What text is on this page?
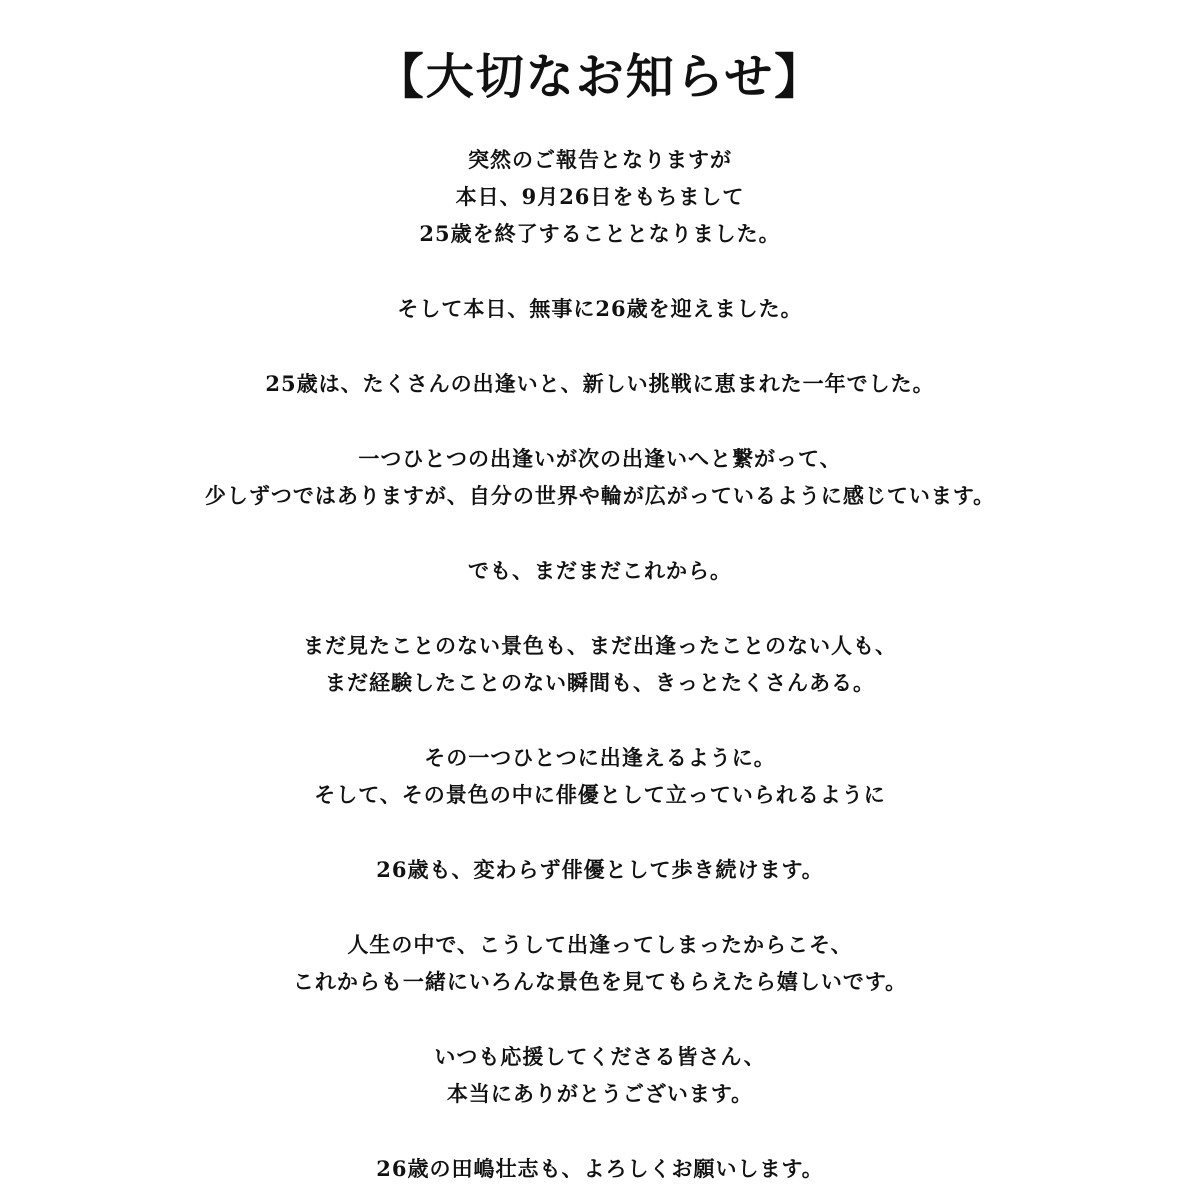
【大切なお知らせ】
突然のご報告となりますが
本日、9月26日をもちまして
25歳を終了することとなりました。
そして本日、無事に26歳を迎えました。
25歳は、たくさんの出逢いと、新しい挑戦に恵まれた一年でした。
一つひとつの出逢いが次の出逢いへと繋がって、
少しずつではありますが、自分の世界や輪が広がっているように感じています。
でも、まだまだこれから。
まだ見たことのない景色も、まだ出逢ったことのない人も、
まだ経験したことのない瞬間も、きっとたくさんある。
その一つひとつに出逢えるように。
そして、その景色の中に俳優として立っていられるように
26歳も、変わらず俳優として歩き続けます。
人生の中で、こうして出逢ってしまったからこそ、
これからも一緒にいろんな景色を見てもらえたら嬉しいです。
いつも応援してくださる皆さん、
本当にありがとうございます。
26歳の田嶋壮志も、よろしくお願いします。
